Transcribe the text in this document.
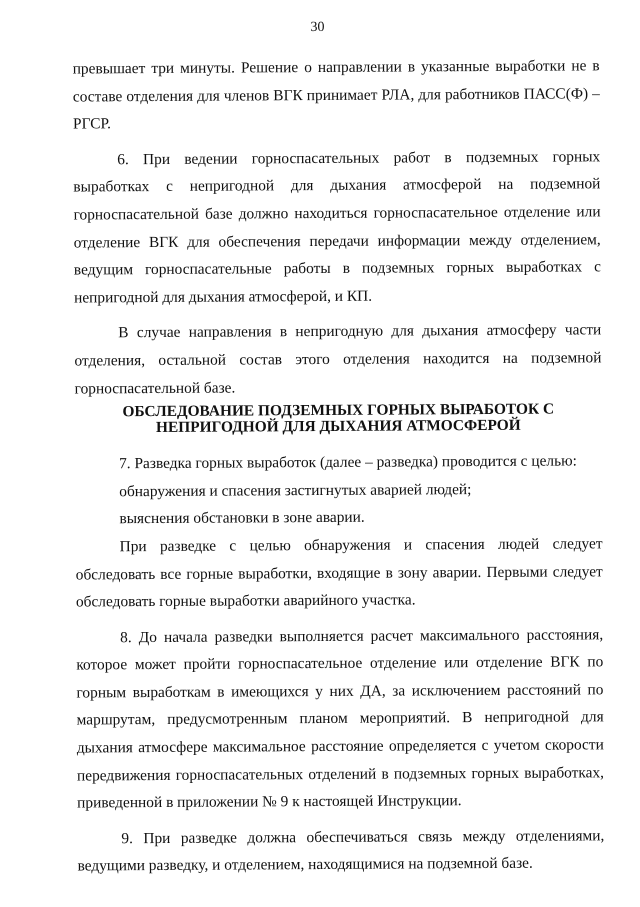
30

превышает три минуты. Решение о направлении в указанные выработки не в составе отделения для членов ВГК принимает РЛА, для работников ПАСС(Ф) – РГСР.

6. При ведении горноспасательных работ в подземных горных выработках с непригодной для дыхания атмосферой на подземной горноспасательной базе должно находиться горноспасательное отделение или отделение ВГК для обеспечения передачи информации между отделением, ведущим горноспасательные работы в подземных горных выработках с непригодной для дыхания атмосферой, и КП.

В случае направления в непригодную для дыхания атмосферу части отделения, остальной состав этого отделения находится на подземной горноспасательной базе.

ОБСЛЕДОВАНИЕ ПОДЗЕМНЫХ ГОРНЫХ ВЫРАБОТОК С НЕПРИГОДНОЙ ДЛЯ ДЫХАНИЯ АТМОСФЕРОЙ

7. Разведка горных выработок (далее – разведка) проводится с целью:

обнаружения и спасения застигнутых аварией людей;

выяснения обстановки в зоне аварии.

При разведке с целью обнаружения и спасения людей следует обследовать все горные выработки, входящие в зону аварии. Первыми следует обследовать горные выработки аварийного участка.

8. До начала разведки выполняется расчет максимального расстояния, которое может пройти горноспасательное отделение или отделение ВГК по горным выработкам в имеющихся у них ДА, за исключением расстояний по маршрутам, предусмотренным планом мероприятий. В непригодной для дыхания атмосфере максимальное расстояние определяется с учетом скорости передвижения горноспасательных отделений в подземных горных выработках, приведенной в приложении № 9 к настоящей Инструкции.

9. При разведке должна обеспечиваться связь между отделениями, ведущими разведку, и отделением, находящимися на подземной базе.
